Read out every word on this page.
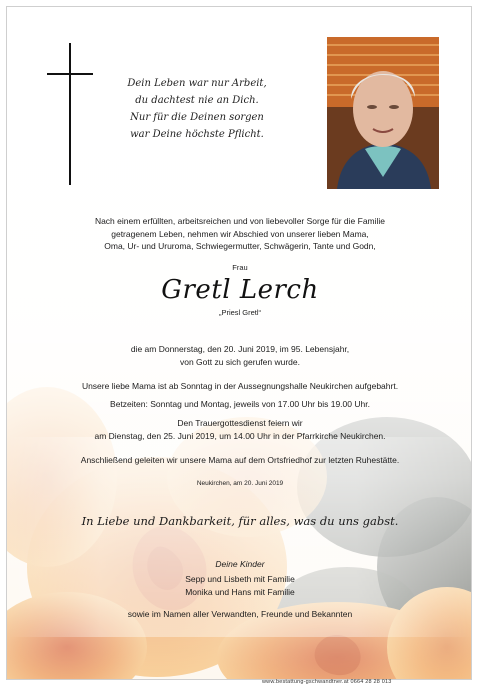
Dein Leben war nur Arbeit,
du dachtest nie an Dich.
Nur für die Deinen sorgen
war Deine höchste Pflicht.
Nach einem erfüllten, arbeitsreichen und von liebevoller Sorge für die Familie
getragenem Leben, nehmen wir Abschied von unserer lieben Mama,
Oma, Ur- und Ururoma, Schwiegermutter, Schwägerin, Tante und Godn,
Frau
Gretl Lerch
„Priesl Gretl“
die am Donnerstag, den 20. Juni 2019, im 95. Lebensjahr,
von Gott zu sich gerufen wurde.
Unsere liebe Mama ist ab Sonntag in der Aussegnungshalle Neukirchen aufgebahrt.
Betzeiten: Sonntag und Montag, jeweils von 17.00 Uhr bis 19.00 Uhr.
Den Trauergottesdienst feiern wir
am Dienstag, den 25. Juni 2019, um 14.00 Uhr in der Pfarrkirche Neukirchen.
Anschließend geleiten wir unsere Mama auf dem Ortsfriedhof zur letzten Ruhestätte.
Neukirchen, am 20. Juni 2019
In Liebe und Dankbarkeit, für alles, was du uns gabst.
Deine Kinder
Sepp und Lisbeth mit Familie
Monika und Hans mit Familie
sowie im Namen aller Verwandten, Freunde und Bekannten
www.bestattung-gschwandtner.at 0664 28 28 013
